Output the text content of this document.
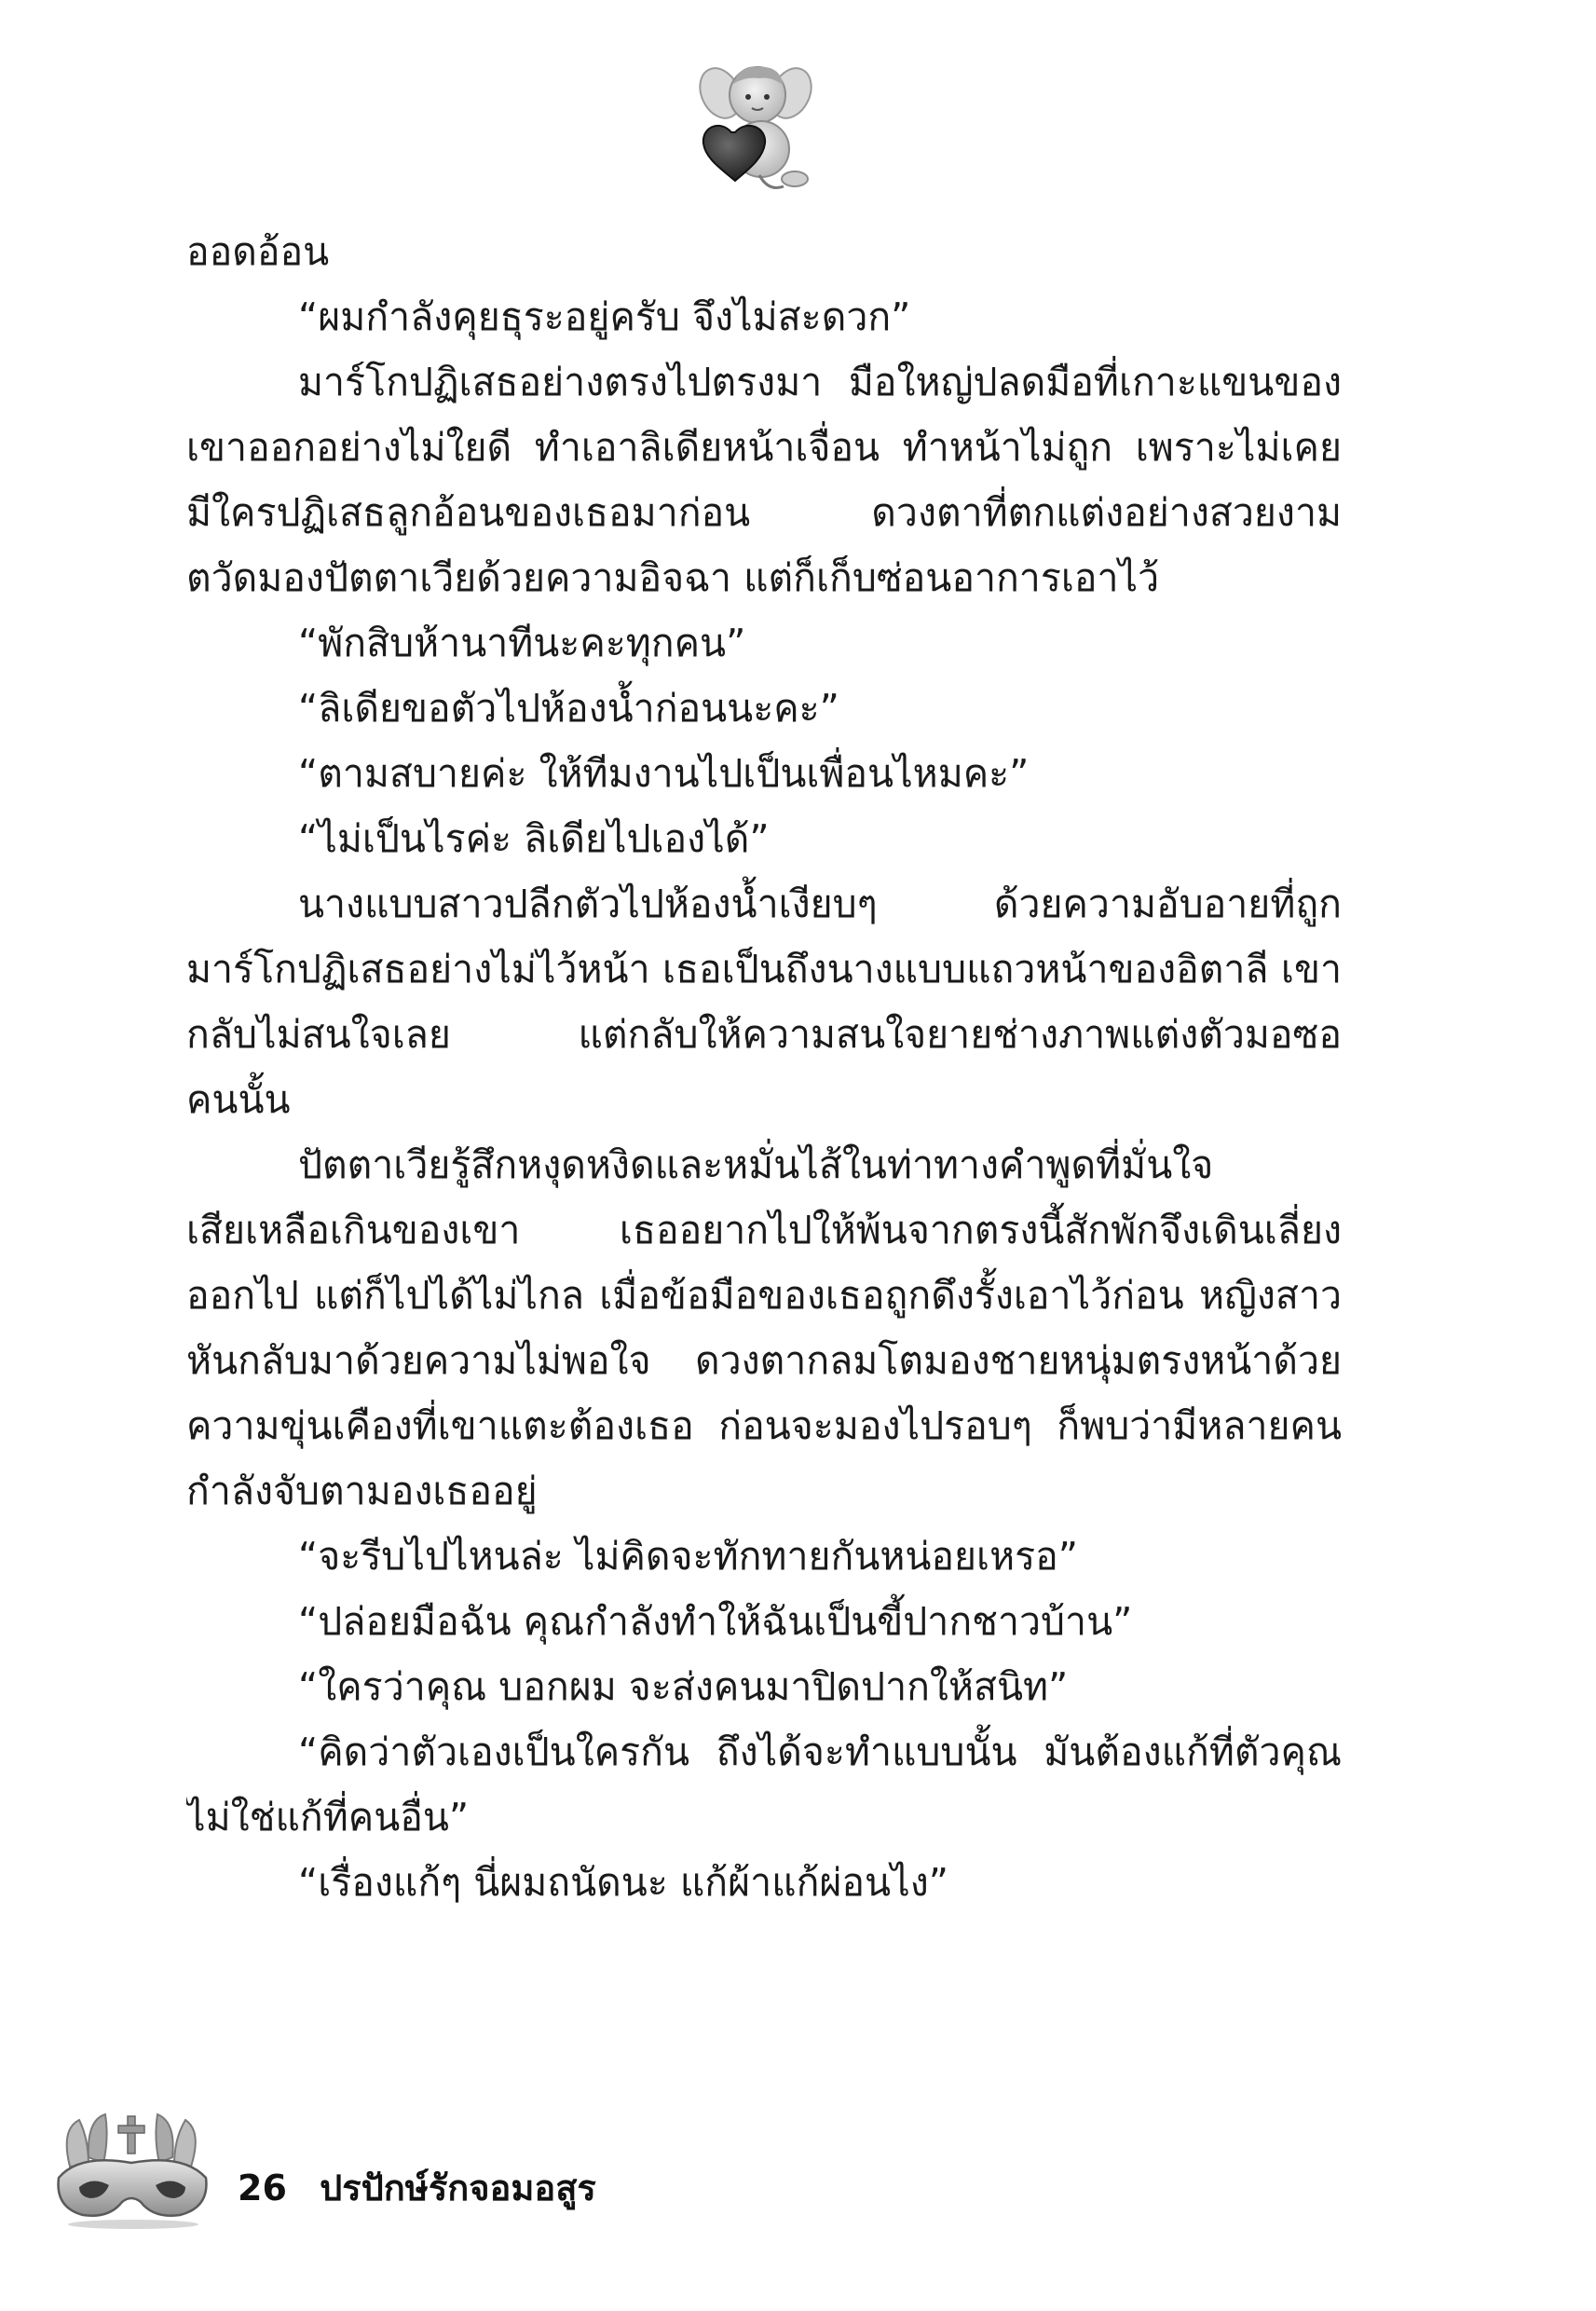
ออดอ้อน
“ผมกำลังคุยธุระอยู่ครับ จึงไม่สะดวก”
มาร์โกปฏิเสธอย่างตรงไปตรงมา มือใหญ่ปลดมือที่เกาะแขนของ
เขาออกอย่างไม่ใยดี ทำเอาลิเดียหน้าเจื่อน ทำหน้าไม่ถูก เพราะไม่เคย
มีใครปฏิเสธลูกอ้อนของเธอมาก่อน ดวงตาที่ตกแต่งอย่างสวยงาม
ตวัดมองปัตตาเวียด้วยความอิจฉา แต่ก็เก็บซ่อนอาการเอาไว้
“พักสิบห้านาทีนะคะทุกคน”
“ลิเดียขอตัวไปห้องน้ำก่อนนะคะ”
“ตามสบายค่ะ ให้ทีมงานไปเป็นเพื่อนไหมคะ”
“ไม่เป็นไรค่ะ ลิเดียไปเองได้”
นางแบบสาวปลีกตัวไปห้องน้ำเงียบๆ ด้วยความอับอายที่ถูก
มาร์โกปฏิเสธอย่างไม่ไว้หน้า เธอเป็นถึงนางแบบแถวหน้าของอิตาลี เขา
กลับไม่สนใจเลย แต่กลับให้ความสนใจยายช่างภาพแต่งตัวมอซอ
คนนั้น
ปัตตาเวียรู้สึกหงุดหงิดและหมั่นไส้ในท่าทางคำพูดที่มั่นใจ
เสียเหลือเกินของเขา เธออยากไปให้พ้นจากตรงนี้สักพักจึงเดินเลี่ยง
ออกไป แต่ก็ไปได้ไม่ไกล เมื่อข้อมือของเธอถูกดึงรั้งเอาไว้ก่อน หญิงสาว
หันกลับมาด้วยความไม่พอใจ ดวงตากลมโตมองชายหนุ่มตรงหน้าด้วย
ความขุ่นเคืองที่เขาแตะต้องเธอ ก่อนจะมองไปรอบๆ ก็พบว่ามีหลายคน
กำลังจับตามองเธออยู่
“จะรีบไปไหนล่ะ ไม่คิดจะทักทายกันหน่อยเหรอ”
“ปล่อยมือฉัน คุณกำลังทำให้ฉันเป็นขี้ปากชาวบ้าน”
“ใครว่าคุณ บอกผม จะส่งคนมาปิดปากให้สนิท”
“คิดว่าตัวเองเป็นใครกัน ถึงได้จะทำแบบนั้น มันต้องแก้ที่ตัวคุณ
ไม่ใช่แก้ที่คนอื่น”
“เรื่องแก้ๆ นี่ผมถนัดนะ แก้ผ้าแก้ผ่อนไง”
26 ปรปักษ์รักจอมอสูร
